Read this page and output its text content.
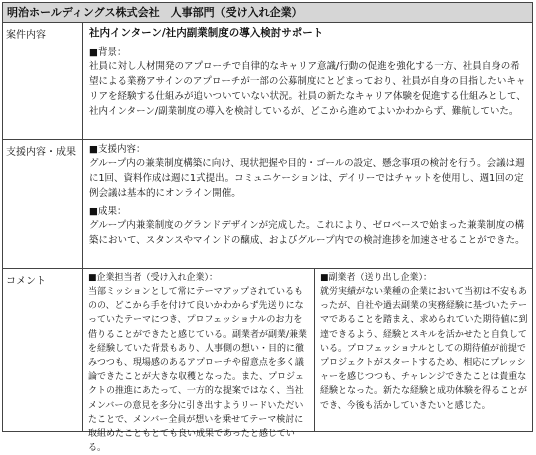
明治ホールディングス株式会社　人事部門（受け入れ企業）
案件内容	社内インターン/社内副業制度の導入検討サポート
■背景：

社員に対し人材開発のアプローチで自律的なキャリア意識/行動の促進を強化する一方、社員自身の希望による業務アサインのアプローチが一部の公募制度にとどまっており、社員が自身の目指したいキャリアを経験する仕組みが追いついていない状況。社員の新たなキャリア体験を促進する仕組みとして、社内インターン/副業制度の導入を検討しているが、どこから進めてよいかわからず、難航していた。

支援内容・成果	■支援内容：

グループ内の兼業制度構築に向け、現状把握や目的・ゴールの設定、懸念事項の検討を行う。会議は週に1回、資料作成は週に1式提出。コミュニケーションは、デイリーではチャットを使用し、週1回の定例会議は基本的にオンライン開催。

■成果：

グループ内兼業制度のグランドデザインが完成した。これにより、ゼロベースで始まった兼業制度の構築において、スタンスやマインドの醸成、およびグループ内での検討進捗を加速させることができた。

コメント	■企業担当者（受け入れ企業）：

当部ミッションとして常にテーマアップされているものの、どこから手を付けて良いかわからず先送りになっていたテーマにつき、プロフェッショナルのお力を借りることができたと感じている。副業者が副業/兼業を経験していた背景もあり、人事側の想い・目的に徹みつつも、現場感のあるアプローチや留意点を多く議論できたことが大きな収穫となった。また、プロジェクトの推進にあたって、一方的な提案ではなく、当社メンバーの意見を多分に引き出すようリードいただいたことで、メンバー全員が想いを乗せてテーマ検討に取組めたこともとても良い成果であったと感じている。

■副業者（送り出し企業）：

就労実績がない業種の企業において当初は不安もあったが、自社や過去副業の実務経験に基づいたテーマであることを踏まえ、求められていた期待値に到達できるよう、経験とスキルを活かせたと自負している。プロフェッショナルとしての期待値が前提でプロジェクトがスタートするため、相応にプレッシャーを感じつつも、チャレンジできたことは貴重な経験となった。新たな経験と成功体験を得ることができ、今後も活かしていきたいと感じた。
